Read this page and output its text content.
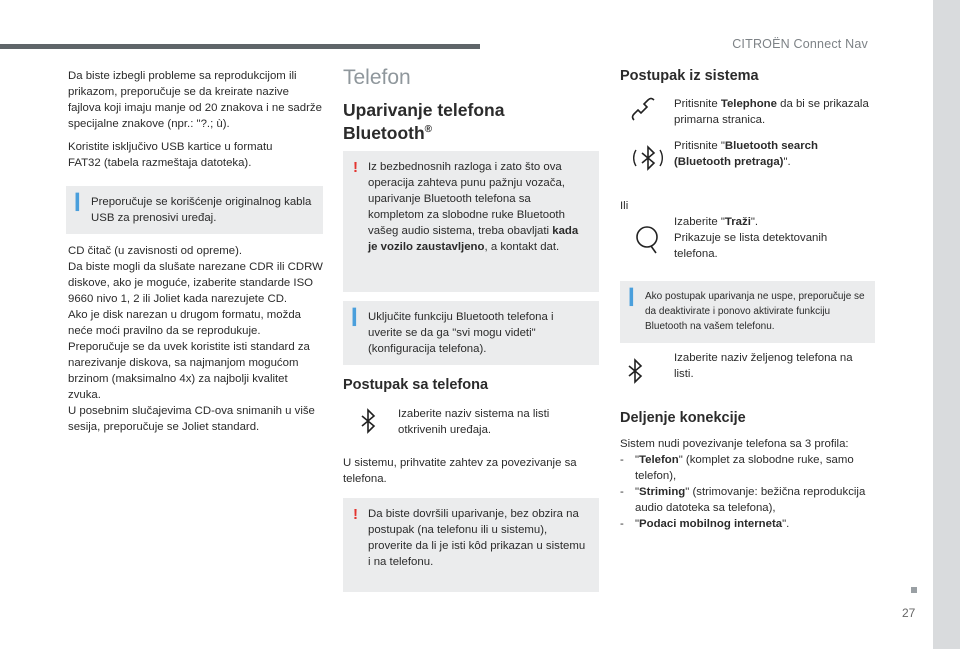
CITROËN Connect Nav
27

Da biste izbegli probleme sa reprodukcijom ili prikazom, preporučuje se da kreirate nazive fajlova koji imaju manje od 20 znakova i ne sadrže specijalne znakove (npr.: "?.; ù).

Koristite isključivo USB kartice u formatu FAT32 (tabela razmeštaja datoteka).

▎ Preporučuje se korišćenje originalnog kabla USB za prenosivi uređaj.
CD čitač (u zavisnosti od opreme).
Da biste mogli da slušate narezane CDR ili CDRW diskove, ako je moguće, izaberite standarde ISO 9660 nivo 1, 2 ili Joliet kada narezujete CD.
Ako je disk narezan u drugom formatu, možda neće moći pravilno da se reprodukuje.
Preporučuje se da uvek koristite isti standard za narezivanje diskova, sa najmanjom mogućom brzinom (maksimalno 4x) za najbolji kvalitet zvuka.
U posebnim slučajevima CD-ova snimanih u više sesija, preporučuje se Joliet standard.
Telefon
Uparivanje telefona
Bluetooth®
! Iz bezbednosnih razloga i zato što ova operacija zahteva punu pažnju vozača, uparivanje Bluetooth telefona sa kompletom za slobodne ruke Bluetooth vašeg audio sistema, treba obavljati kada je vozilo zaustavljeno, a kontakt dat.
▎ Uključite funkciju Bluetooth telefona i uverite se da ga "svi mogu videti" (konfiguracija telefona).
Postupak sa telefona
Izaberite naziv sistema na listi otkrivenih uređaja.

U sistemu, prihvatite zahtev za povezivanje sa telefona.

! Da biste dovršili uparivanje, bez obzira na postupak (na telefonu ili u sistemu), proverite da li je isti kôd prikazan u sistemu i na telefonu.
Postupak iz sistema
Pritisnite Telephone da bi se prikazala primarna stranica.
Pritisnite "Bluetooth search (Bluetooth pretraga)".
Ili
Izaberite "Traži".
Prikazuje se lista detektovanih telefona.
▎ Ako postupak uparivanja ne uspe, preporučuje se da deaktivirate i ponovo aktivirate funkciju Bluetooth na vašem telefonu.
Izaberite naziv željenog telefona na listi.
Deljenje konekcije
Sistem nudi povezivanje telefona sa 3 profila:
- "Telefon" (komplet za slobodne ruke, samo telefon),
- "Striming" (strimovanje: bežična reprodukcija audio datoteka sa telefona),
- "Podaci mobilnog interneta".
